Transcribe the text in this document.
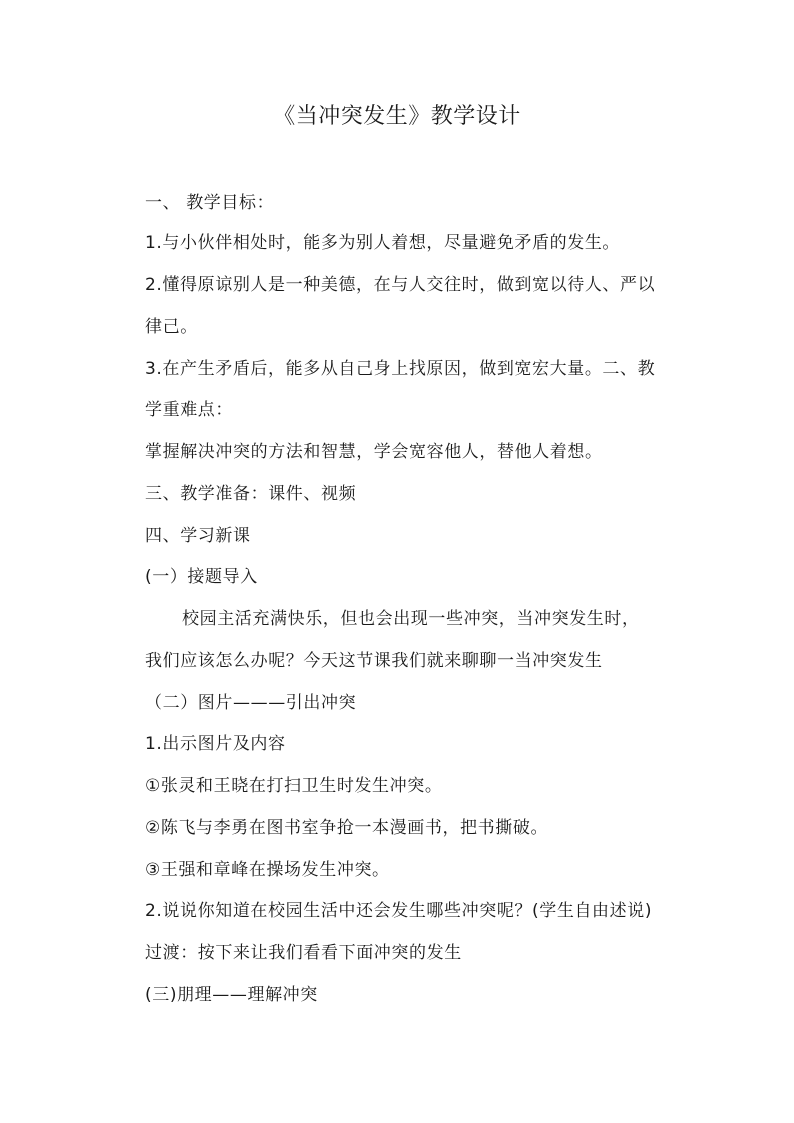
《当冲突发生》教学设计
一、 教学目标：
1.与小伙伴相处时，能多为别人着想，尽量避免矛盾的发生。
2.懂得原谅别人是一种美德，在与人交往时，做到宽以待人、严以
律己。
3.在产生矛盾后，能多从自己身上找原因，做到宽宏大量。二、教
学重难点：
掌握解决冲突的方法和智慧，学会宽容他人，替他人着想。
三、教学准备：课件、视频
四、学习新课
(一）接题导入
校园主活充满快乐，但也会出现一些冲突，当冲突发生时，
我们应该怎么办呢？今天这节课我们就来聊聊一当冲突发生
（二）图片———引出冲突
1.出示图片及内容
①张灵和王晓在打扫卫生时发生冲突。
②陈飞与李勇在图书室争抢一本漫画书，把书撕破。
③王强和章峰在操场发生冲突。
2.说说你知道在校园生活中还会发生哪些冲突呢？(学生自由述说)
过渡：按下来让我们看看下面冲突的发生
(三)朋理——理解冲突
